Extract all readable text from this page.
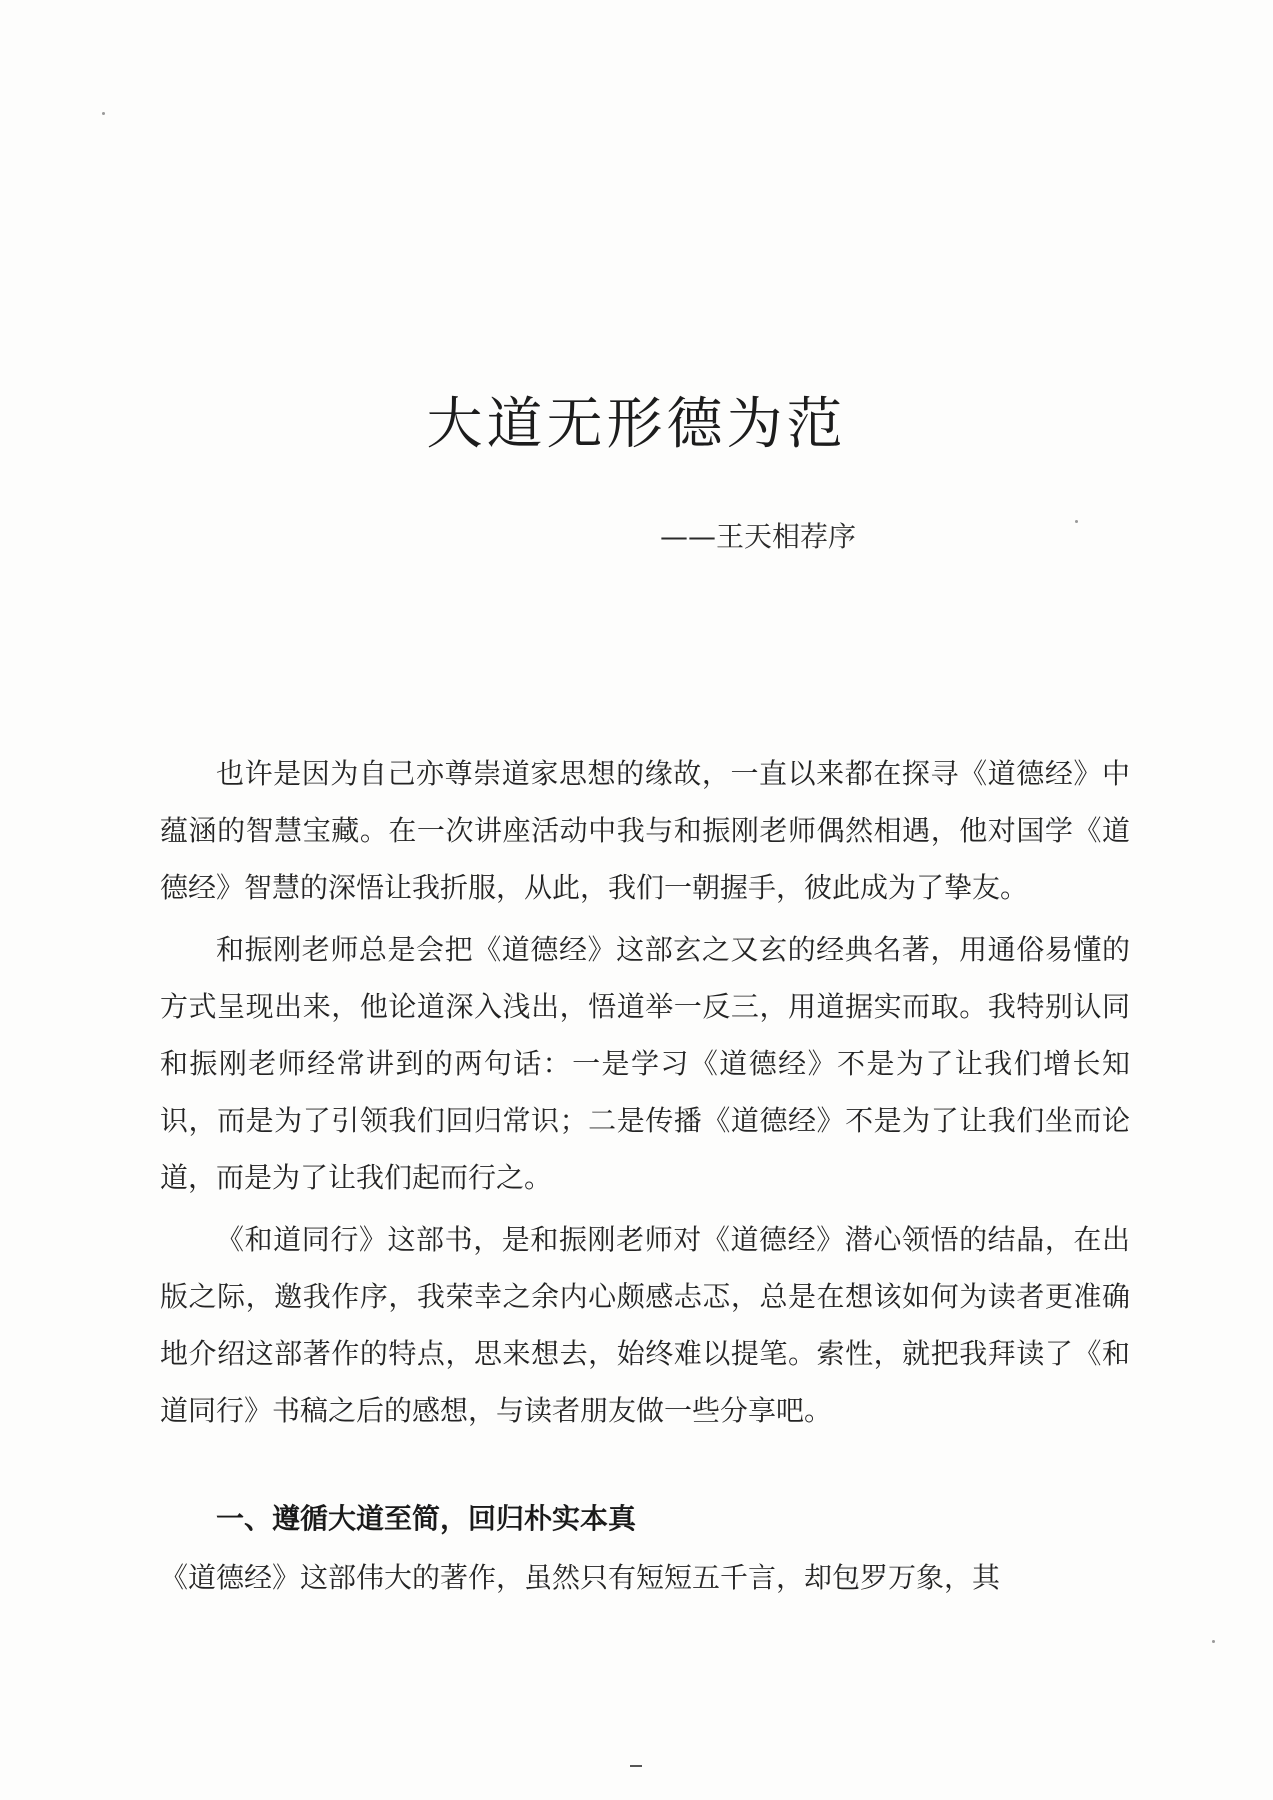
大道无形德为范
——王天相荐序

也许是因为自己亦尊崇道家思想的缘故，一直以来都在探寻《道德经》中蕴涵的智慧宝藏。在一次讲座活动中我与和振刚老师偶然相遇，他对国学《道德经》智慧的深悟让我折服，从此，我们一朝握手，彼此成为了挚友。

和振刚老师总是会把《道德经》这部玄之又玄的经典名著，用通俗易懂的方式呈现出来，他论道深入浅出，悟道举一反三，用道据实而取。我特别认同和振刚老师经常讲到的两句话：一是学习《道德经》不是为了让我们增长知识，而是为了引领我们回归常识；二是传播《道德经》不是为了让我们坐而论道，而是为了让我们起而行之。

《和道同行》这部书，是和振刚老师对《道德经》潜心领悟的结晶，在出版之际，邀我作序，我荣幸之余内心颇感忐忑，总是在想该如何为读者更准确地介绍这部著作的特点，思来想去，始终难以提笔。索性，就把我拜读了《和道同行》书稿之后的感想，与读者朋友做一些分享吧。

一、遵循大道至简，回归朴实本真

《道德经》这部伟大的著作，虽然只有短短五千言，却包罗万象，其
